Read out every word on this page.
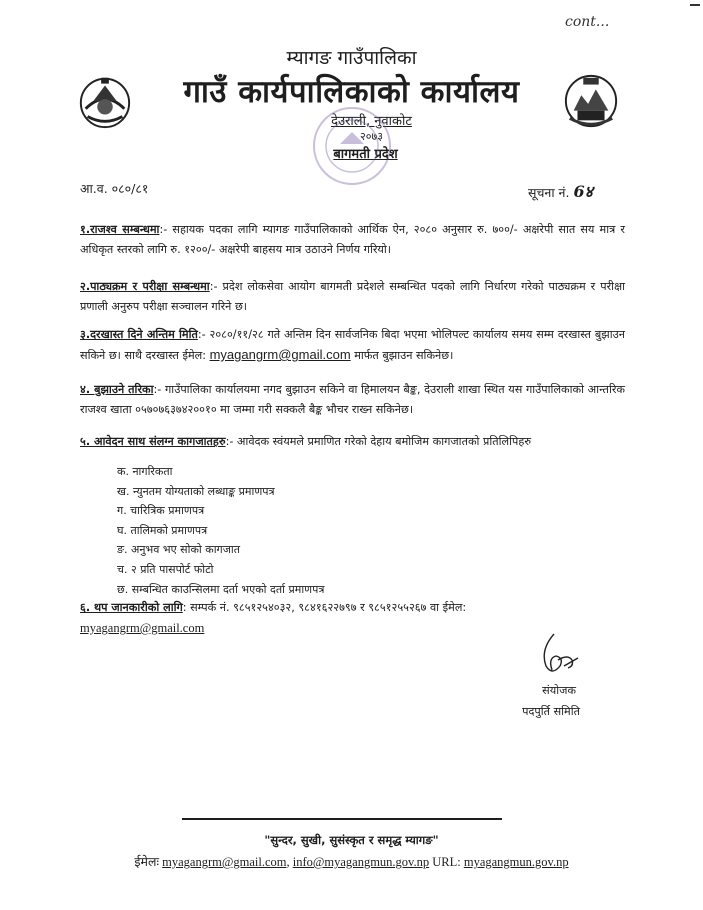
cont...
म्यागङ गाउँपालिका
गाउँ कार्यपालिकाको कार्यालय
देउराली, नुवाकोट
२०७३
बागमती प्रदेश
आ.व. ०८०/८१	सूचना नं. 6४
१.राजश्व सम्बन्धमा:- सहायक पदका लागि म्यागङ गाउँपालिकाको आर्थिक ऐन, २०८० अनुसार रु. ७००/- अक्षरेपी सात सय मात्र र अधिकृत स्तरको लागि रु. १२००/- अक्षरेपी बाहसय मात्र उठाउने निर्णय गरियो।
२.पाठ्यक्रम र परीक्षा सम्बन्धमा:- प्रदेश लोकसेवा आयोग बागमती प्रदेशले सम्बन्धित पदको लागि निर्धारण गरेको पाठ्यक्रम र परीक्षा प्रणाली अनुरुप परीक्षा सञ्चालन गरिने छ।
३.दरखास्त दिने अन्तिम मिति:- २०८०/११/२८ गते अन्तिम दिन सार्वजनिक बिदा भएमा भोलिपल्ट कार्यालय समय सम्म दरखास्त बुझाउन सकिने छ। साथै दरखास्त ईमेल: myagangrm@gmail.com मार्फत बुझाउन सकिनेछ।
४. बुझाउने तरिका:- गाउँपालिका कार्यालयमा नगद बुझाउन सकिने वा हिमालयन बैङ्क, देउराली शाखा स्थित यस गाउँपालिकाको आन्तरिक राजश्व खाता ०५७०७६३७४२००१० मा जम्मा गरी सक्कलै बैङ्क भौचर राख्न सकिनेछ।
५. आवेदन साथ संलग्न कागजातहरु:- आवेदक स्वंयमले प्रमाणित गरेको देहाय बमोजिम कागजातको प्रतिलिपिहरु
क. नागरिकता
ख. न्युनतम योग्यताको लब्धाङ्क प्रमाणपत्र
ग. चारित्रिक प्रमाणपत्र
घ. तालिमको प्रमाणपत्र
ङ. अनुभव भए सोको कागजात
च. २ प्रति पासपोर्ट फोटो
छ. सम्बन्धित काउन्सिलमा दर्ता भएको दर्ता प्रमाणपत्र
६. थप जानकारीको लागि: सम्पर्क नं. ९८५१२५४०३२, ९८४१६२२७९७ र ९८५१२५५२६७ वा ईमेल:
myagangrm@gmail.com
संयोजक
पदपुर्ति समिति
"सुन्दर, सुखी, सुसंस्कृत र समृद्ध म्यागङ"
ईमेलः myagangrm@gmail.com, info@myagangmun.gov.np URL: myagangmun.gov.np
